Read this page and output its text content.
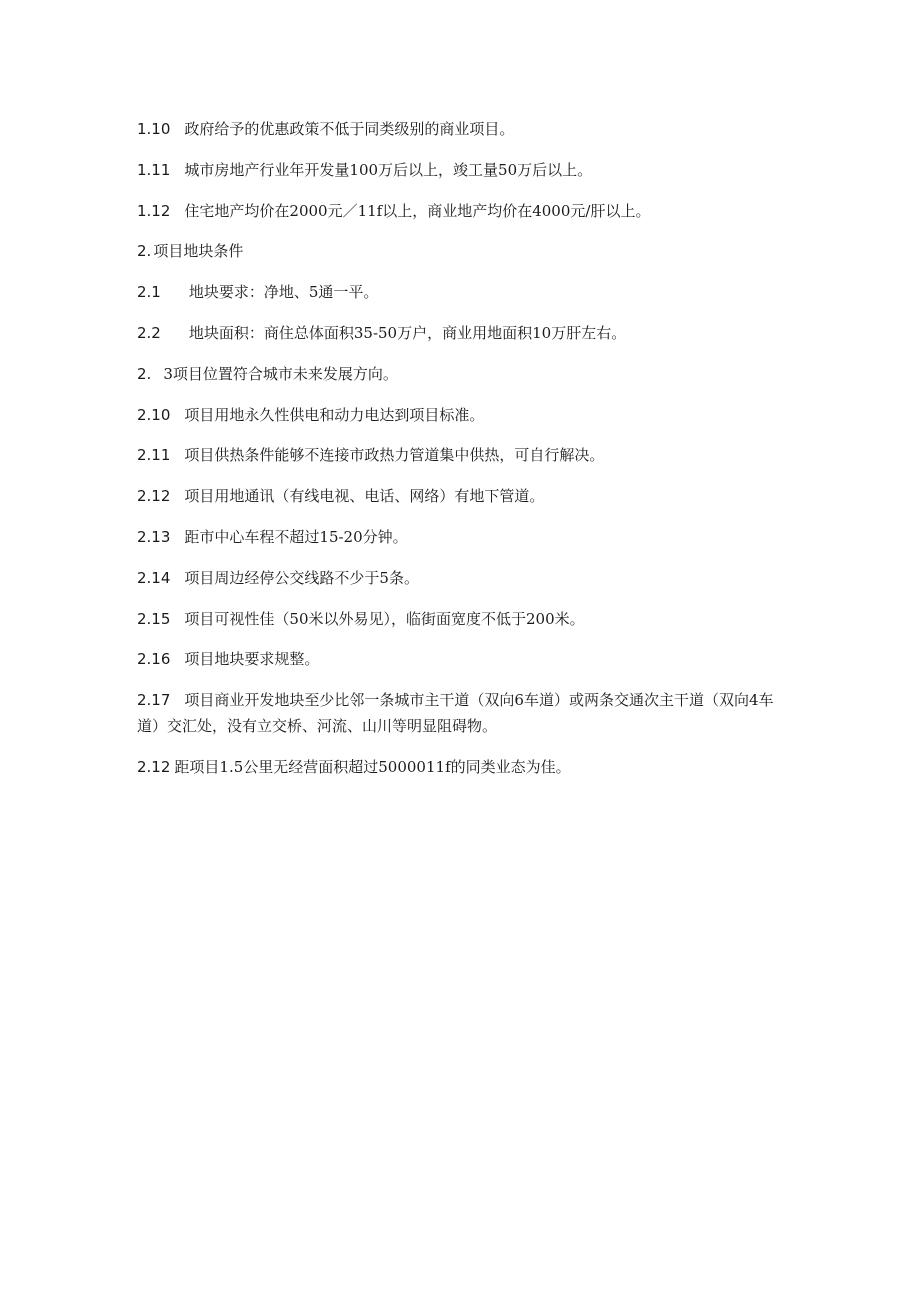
1.10 政府给予的优惠政策不低于同类级别的商业项目。

1.11 城市房地产行业年开发量100万后以上，竣工量50万后以上。

1.12 住宅地产均价在2000元／11f以上，商业地产均价在4000元/肝以上。

2. 项目地块条件

2.1 地块要求：净地、5通一平。

2.2 地块面积：商住总体面积35-50万户，商业用地面积10万肝左右。

2. 3项目位置符合城市未来发展方向。

2.10 项目用地永久性供电和动力电达到项目标准。

2.11 项目供热条件能够不连接市政热力管道集中供热，可自行解决。

2.12 项目用地通讯（有线电视、电话、网络）有地下管道。

2.13 距市中心车程不超过15-20分钟。

2.14 项目周边经停公交线路不少于5条。

2.15 项目可视性佳（50米以外易见），临街面宽度不低于200米。

2.16 项目地块要求规整。

2.17 项目商业开发地块至少比邻一条城市主干道（双向6车道）或两条交通次主干道（双向4车道）交汇处，没有立交桥、河流、山川等明显阻碍物。

2.12 距项目1.5公里无经营面积超过5000011f的同类业态为佳。
